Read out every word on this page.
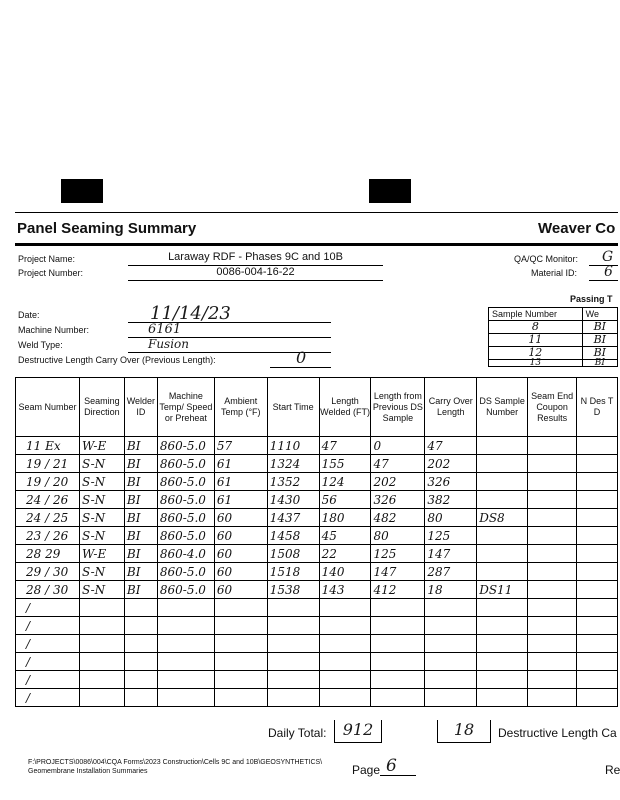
Panel Seaming Summary	Weaver Co
Project Name:	Laraway RDF - Phases 9C and 10B
Project Number:	0086-004-16-22
QA/QC Monitor: G
Material ID: 6
Date:	11/14/23
Machine Number:	6161
Weld Type:	Fusion
Destructive Length Carry Over (Previous Length):	0
Passing T
Sample Number	We
8	BI
11	BI
12	BI
13	BI
Seam Number	Seaming Direction	Welder ID	Machine Temp/ Speed or Preheat	Ambient Temp (°F)	Start Time	Length Welded (FT)	Length from Previous DS Sample	Carry Over Length	DS Sample Number	Seam End Coupon Results	N Des T D
11 Ex	W-E	BI	860-5.0	57	1110	47	0	47			
19 / 21	S-N	BI	860-5.0	61	1324	155	47	202			
19 / 20	S-N	BI	860-5.0	61	1352	124	202	326			
24 / 26	S-N	BI	860-5.0	61	1430	56	326	382			
24 / 25	S-N	BI	860-5.0	60	1437	180	482	80	DS8		
23 / 26	S-N	BI	860-5.0	60	1458	45	80	125			
28 29	W-E	BI	860-4.0	60	1508	22	125	147			
29 / 30	S-N	BI	860-5.0	60	1518	140	147	287			
28 / 30	S-N	BI	860-5.0	60	1538	143	412	18	DS11		
/											
/											
/											
/											
/											
/											
Daily Total:	912	18	Destructive Length Ca
F:\PROJECTS\0086\004\CQA Forms\2023 Construction\Cells 9C and 10B\GEOSYNTHETICS\
Geomembrane Installation Summaries	Page 6	Re
